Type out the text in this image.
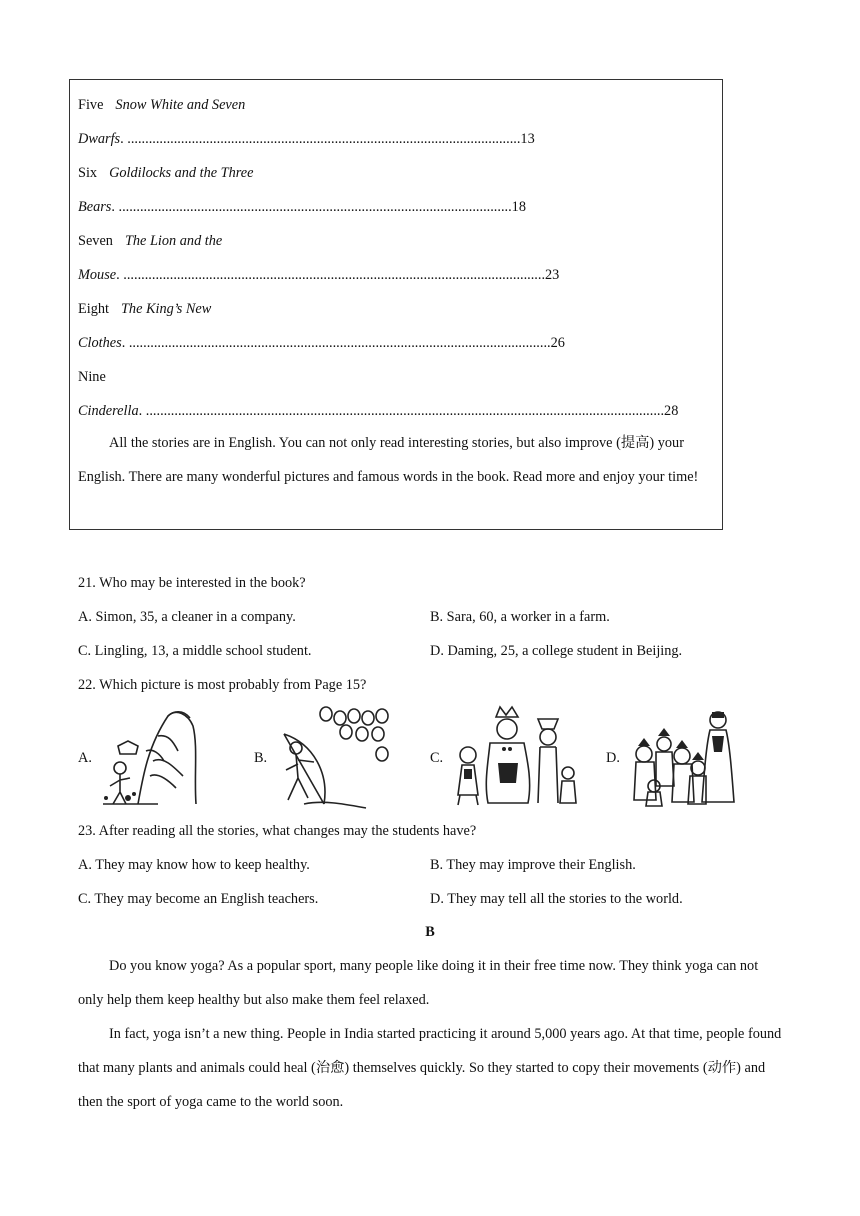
Five Snow White and Seven
Dwarfs. ..............................................................................................................13
Six Goldilocks and the Three
Bears. ..............................................................................................................18
Seven The Lion and the
Mouse. ......................................................................................................................23
Eight The King’s New
Clothes. ......................................................................................................................26
Nine
Cinderella. .................................................................................................................................................28
All the stories are in English. You can not only read interesting stories, but also improve (提高) your English. There are many wonderful pictures and famous words in the book. Read more and enjoy your time!
21. Who may be interested in the book?
A. Simon, 35, a cleaner in a company.	B. Sara, 60, a worker in a farm.
C. Lingling, 13, a middle school student.	D. Daming, 25, a college student in Beijing.
22. Which picture is most probably from Page 15?
A.	B.	C.	D.
23. After reading all the stories, what changes may the students have?
A. They may know how to keep healthy.	B. They may improve their English.
C. They may become an English teachers.	D. They may tell all the stories to the world.
B
Do you know yoga? As a popular sport, many people like doing it in their free time now. They think yoga can not only help them keep healthy but also make them feel relaxed.
In fact, yoga isn’t a new thing. People in India started practicing it around 5,000 years ago. At that time, people found that many plants and animals could heal (治愈) themselves quickly. So they started to copy their movements (动作) and then the sport of yoga came to the world soon.
